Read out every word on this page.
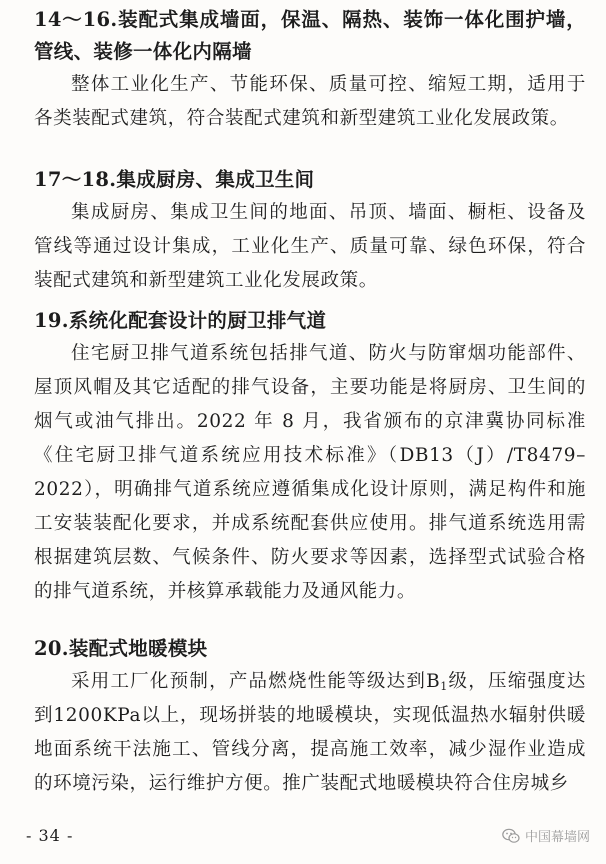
14～16.装配式集成墙面，保温、隔热、装饰一体化围护墙，管线、装修一体化内隔墙

整体工业化生产、节能环保、质量可控、缩短工期，适用于各类装配式建筑，符合装配式建筑和新型建筑工业化发展政策。

17～18.集成厨房、集成卫生间

集成厨房、集成卫生间的地面、吊顶、墙面、橱柜、设备及管线等通过设计集成，工业化生产、质量可靠、绿色环保，符合装配式建筑和新型建筑工业化发展政策。

19.系统化配套设计的厨卫排气道

住宅厨卫排气道系统包括排气道、防火与防窜烟功能部件、屋顶风帽及其它适配的排气设备，主要功能是将厨房、卫生间的烟气或油气排出。2022 年 8 月，我省颁布的京津冀协同标准《住宅厨卫排气道系统应用技术标准》（DB13（J）/T8479–2022），明确排气道系统应遵循集成化设计原则，满足构件和施工安装装配化要求，并成系统配套供应使用。排气道系统选用需根据建筑层数、气候条件、防火要求等因素，选择型式试验合格的排气道系统，并核算承载能力及通风能力。

20.装配式地暖模块

采用工厂化预制，产品燃烧性能等级达到$B_1$级，压缩强度达到1200KPa以上，现场拼装的地暖模块，实现低温热水辐射供暖地面系统干法施工、管线分离，提高施工效率，减少湿作业造成的环境污染，运行维护方便。推广装配式地暖模块符合住房城乡

- 34 -	中国幕墙网
